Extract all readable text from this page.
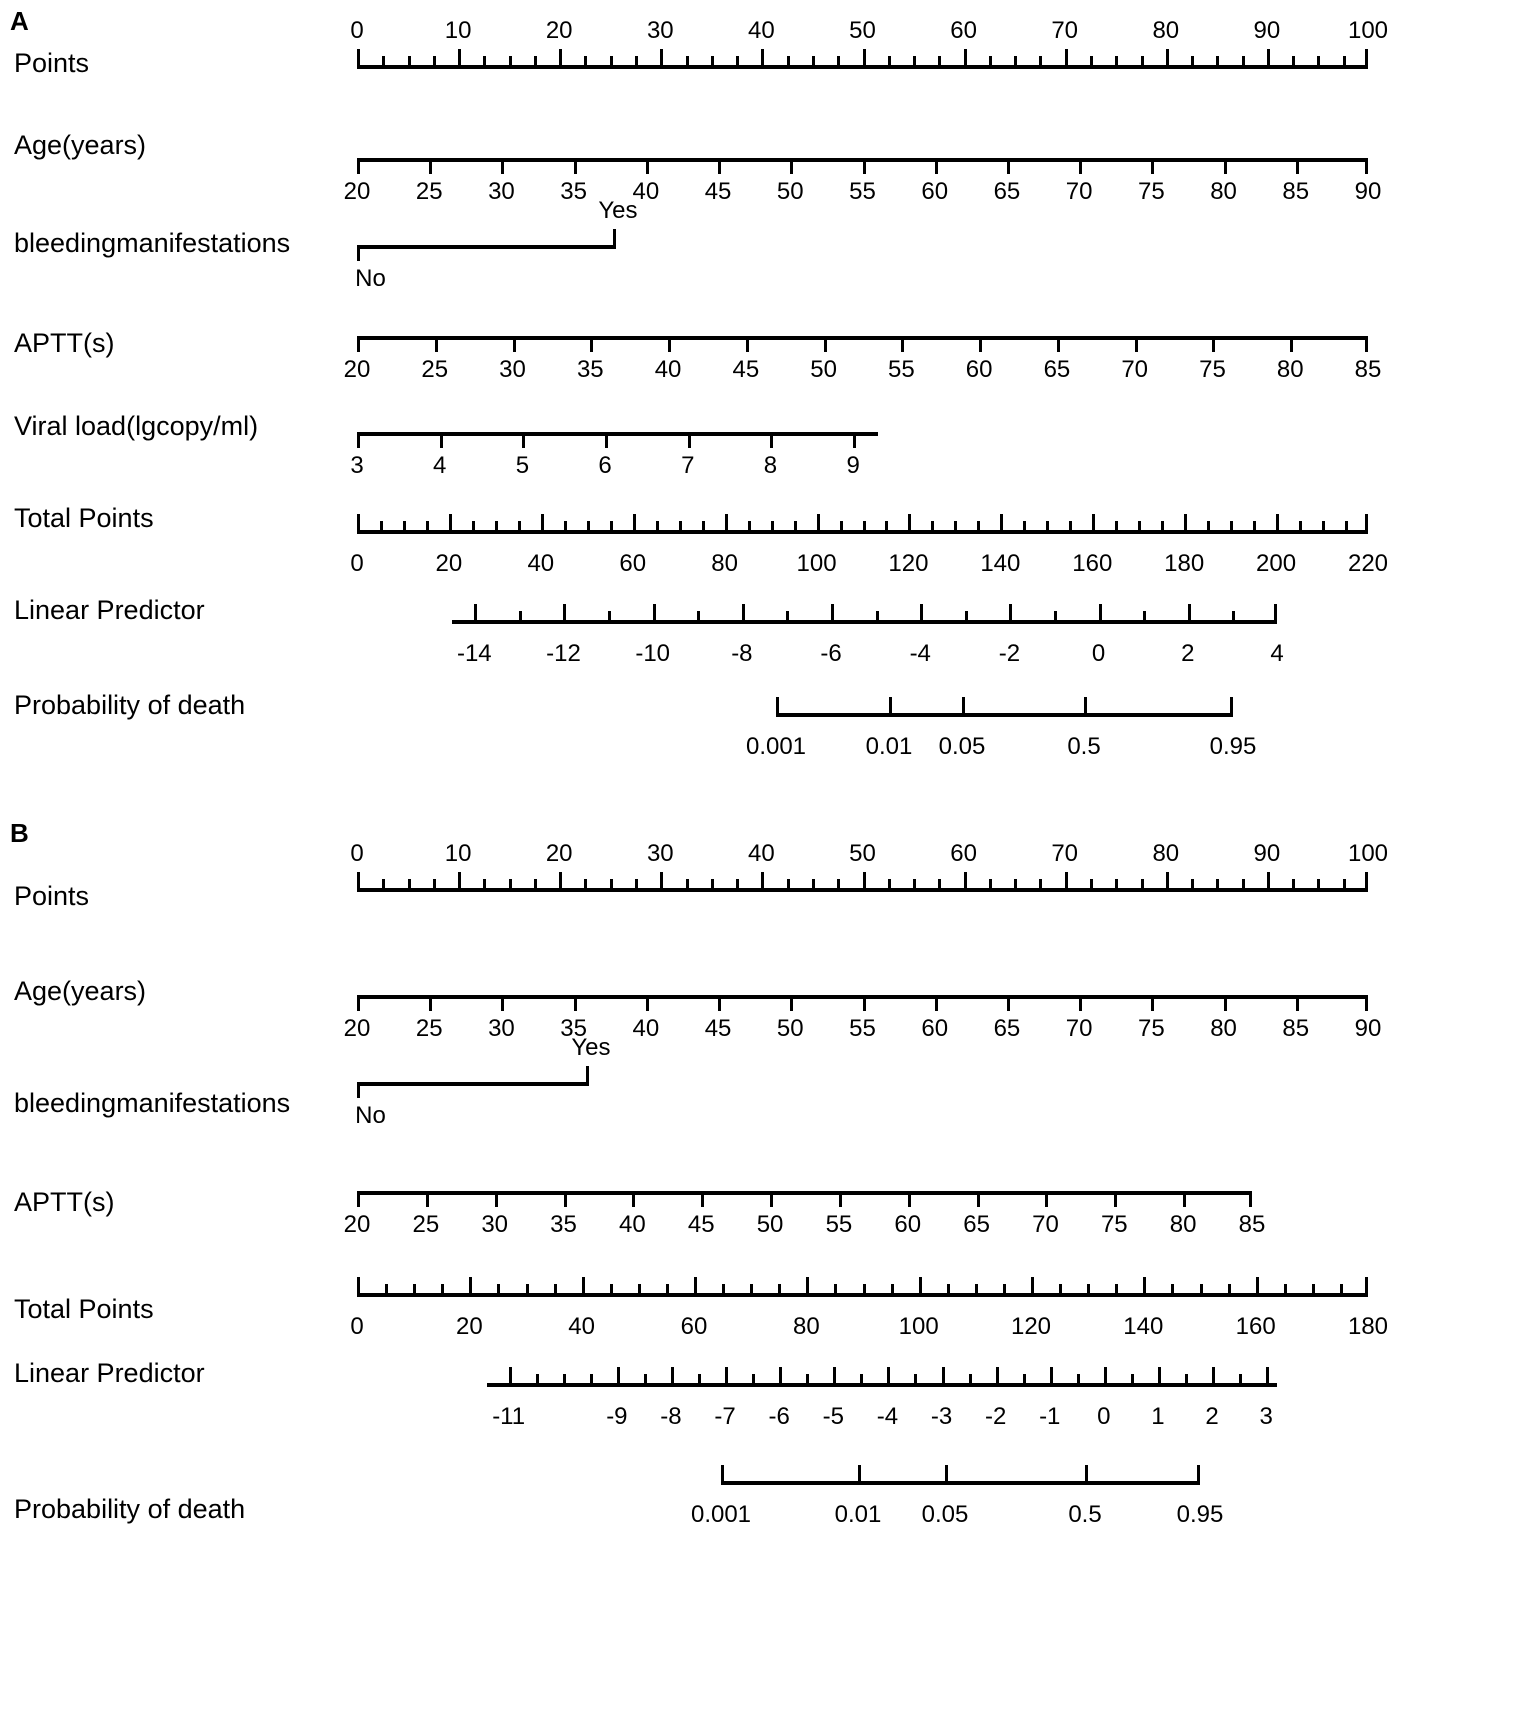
A
Points
0	10	20	30	40	50	60	70	80	90	100
Age(years)
20 25 30 35 40 45 50 55 60 65 70 75 80 85 90
bleedingmanifestations
No
Yes
APTT(s)
20 25 30 35 40 45 50 55 60 65 70 75 80 85
Viral load(lgcopy/ml)
3	4	5	6	7	8	9
Total Points
0	20	40	60	80 100 120 140 160 180 200 220
Linear Predictor
-14 -12 -10	-8	-6	-4	-2	0	2	4
Probability of death
0.001 0.01 0.05	0.5	0.95
B
Points
0	10	20	30	40	50	60	70	80	90	100
Age(years)
20 25 30 35 40 45 50 55 60 65 70 75 80 85 90
bleedingmanifestations	No
Yes
APTT(s)
20 25 30 35 40 45 50 55 60 65 70 75 80 85
Total Points
0	20	40	60	80	100	120	140	160	180
Linear Predictor
-11	-9 -8 -7 -6 -5 -4 -3 -2 -1 0 1 2 3
Probability of death	0.001	0.01 0.05	0.5	0.95
